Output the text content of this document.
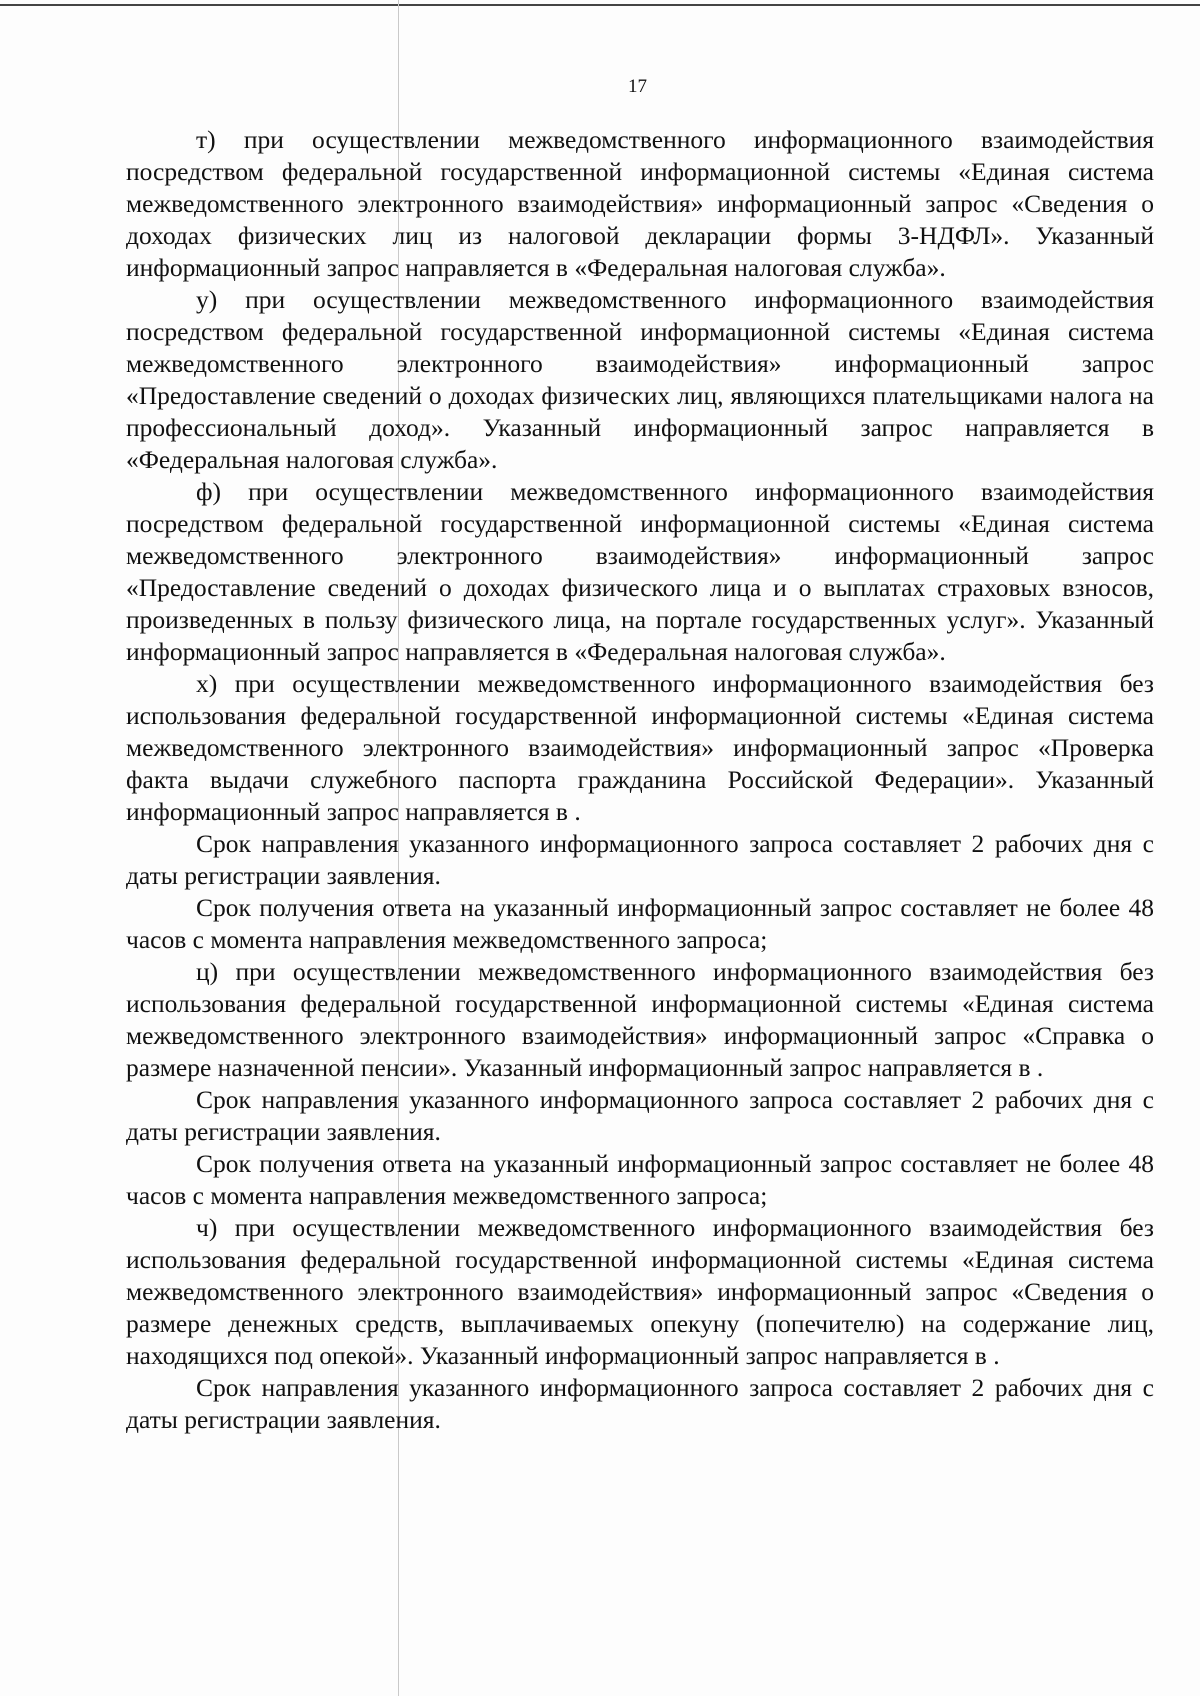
17

т) при осуществлении межведомственного информационного взаимодействия посредством федеральной государственной информационной системы «Единая система межведомственного электронного взаимодействия» информационный запрос «Сведения о доходах физических лиц из налоговой декларации формы 3-НДФЛ». Указанный информационный запрос направляется в «Федеральная налоговая служба».

у) при осуществлении межведомственного информационного взаимодействия посредством федеральной государственной информационной системы «Единая система межведомственного электронного взаимодействия» информационный запрос «Предоставление сведений о доходах физических лиц, являющихся плательщиками налога на профессиональный доход». Указанный информационный запрос направляется в «Федеральная налоговая служба».

ф) при осуществлении межведомственного информационного взаимодействия посредством федеральной государственной информационной системы «Единая система межведомственного электронного взаимодействия» информационный запрос «Предоставление сведений о доходах физического лица и о выплатах страховых взносов, произведенных в пользу физического лица, на портале государственных услуг». Указанный информационный запрос направляется в «Федеральная налоговая служба».

х) при осуществлении межведомственного информационного взаимодействия без использования федеральной государственной информационной системы «Единая система межведомственного электронного взаимодействия» информационный запрос «Проверка факта выдачи служебного паспорта гражданина Российской Федерации». Указанный информационный запрос направляется в .

Срок направления указанного информационного запроса составляет 2 рабочих дня с даты регистрации заявления.

Срок получения ответа на указанный информационный запрос составляет не более 48 часов с момента направления межведомственного запроса;

ц) при осуществлении межведомственного информационного взаимодействия без использования федеральной государственной информационной системы «Единая система межведомственного электронного взаимодействия» информационный запрос «Справка о размере назначенной пенсии». Указанный информационный запрос направляется в .

Срок направления указанного информационного запроса составляет 2 рабочих дня с даты регистрации заявления.

Срок получения ответа на указанный информационный запрос составляет не более 48 часов с момента направления межведомственного запроса;

ч) при осуществлении межведомственного информационного взаимодействия без использования федеральной государственной информационной системы «Единая система межведомственного электронного взаимодействия» информационный запрос «Сведения о размере денежных средств, выплачиваемых опекуну (попечителю) на содержание лиц, находящихся под опекой». Указанный информационный запрос направляется в .

Срок направления указанного информационного запроса составляет 2 рабочих дня с даты регистрации заявления.
